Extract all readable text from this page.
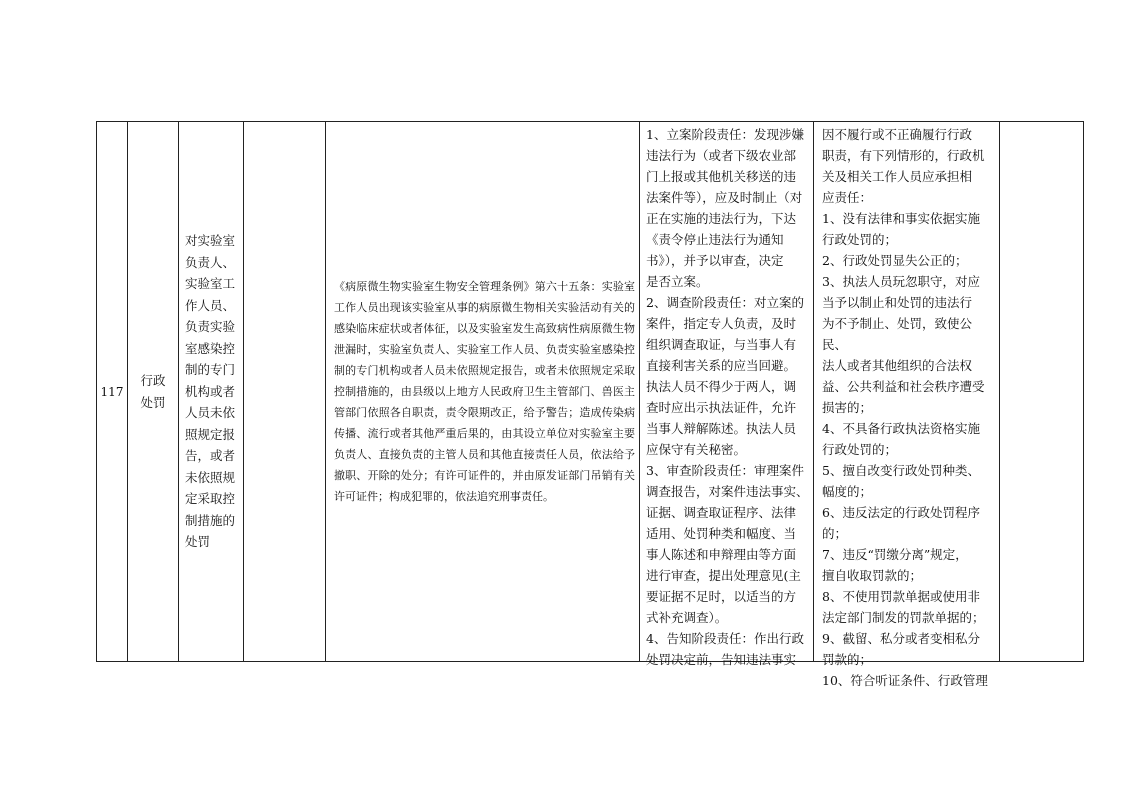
117	行政处罚	
对实验室
负责人、
实验室工
作人员、
负责实验
室感染控
制的专门
机构或者
人员未依
照规定报
告，或者
未依照规
定采取控
制措施的
处罚

《病原微生物实验室生物安全管理条例》第六十五条：实验室工作人员出现该实验室从事的病原微生物相关实验活动有关的感染临床症状或者体征，以及实验室发生高致病性病原微生物泄漏时，实验室负责人、实验室工作人员、负责实验室感染控制的专门机构或者人员未依照规定报告，或者未依照规定采取控制措施的，由县级以上地方人民政府卫生主管部门、兽医主管部门依照各自职责，责令限期改正，给予警告；造成传染病传播、流行或者其他严重后果的，由其设立单位对实验室主要负责人、直接负责的主管人员和其他直接责任人员，依法给予撤职、开除的处分；有许可证件的，并由原发证部门吊销有关许可证件；构成犯罪的，依法追究刑事责任。

1、立案阶段责任：发现涉嫌
违法行为（或者下级农业部
门上报或其他机关移送的违
法案件等），应及时制止（对
正在实施的违法行为，下达
《责令停止违法行为通知
书》），并予以审查，决定
是否立案。
2、调查阶段责任：对立案的
案件，指定专人负责，及时
组织调查取证，与当事人有
直接利害关系的应当回避。
执法人员不得少于两人，调
查时应出示执法证件，允许
当事人辩解陈述。执法人员
应保守有关秘密。
3、审查阶段责任：审理案件
调查报告，对案件违法事实、
证据、调查取证程序、法律
适用、处罚种类和幅度、当
事人陈述和申辩理由等方面
进行审查，提出处理意见(主
要证据不足时，以适当的方
式补充调查）。
4、告知阶段责任：作出行政
处罚决定前，告知违法事实

因不履行或不正确履行行政
职责，有下列情形的，行政机
关及相关工作人员应承担相
应责任：
1、没有法律和事实依据实施
行政处罚的；
2、行政处罚显失公正的；
3、执法人员玩忽职守，对应
当予以制止和处罚的违法行
为不予制止、处罚，致使公民、
法人或者其他组织的合法权
益、公共利益和社会秩序遭受
损害的；
4、不具备行政执法资格实施
行政处罚的；
5、擅自改变行政处罚种类、
幅度的；
6、违反法定的行政处罚程序
的；
7、违反“罚缴分离”规定，
擅自收取罚款的；
8、不使用罚款单据或使用非
法定部门制发的罚款单据的；
9、截留、私分或者变相私分
罚款的；
10、符合听证条件、行政管理
